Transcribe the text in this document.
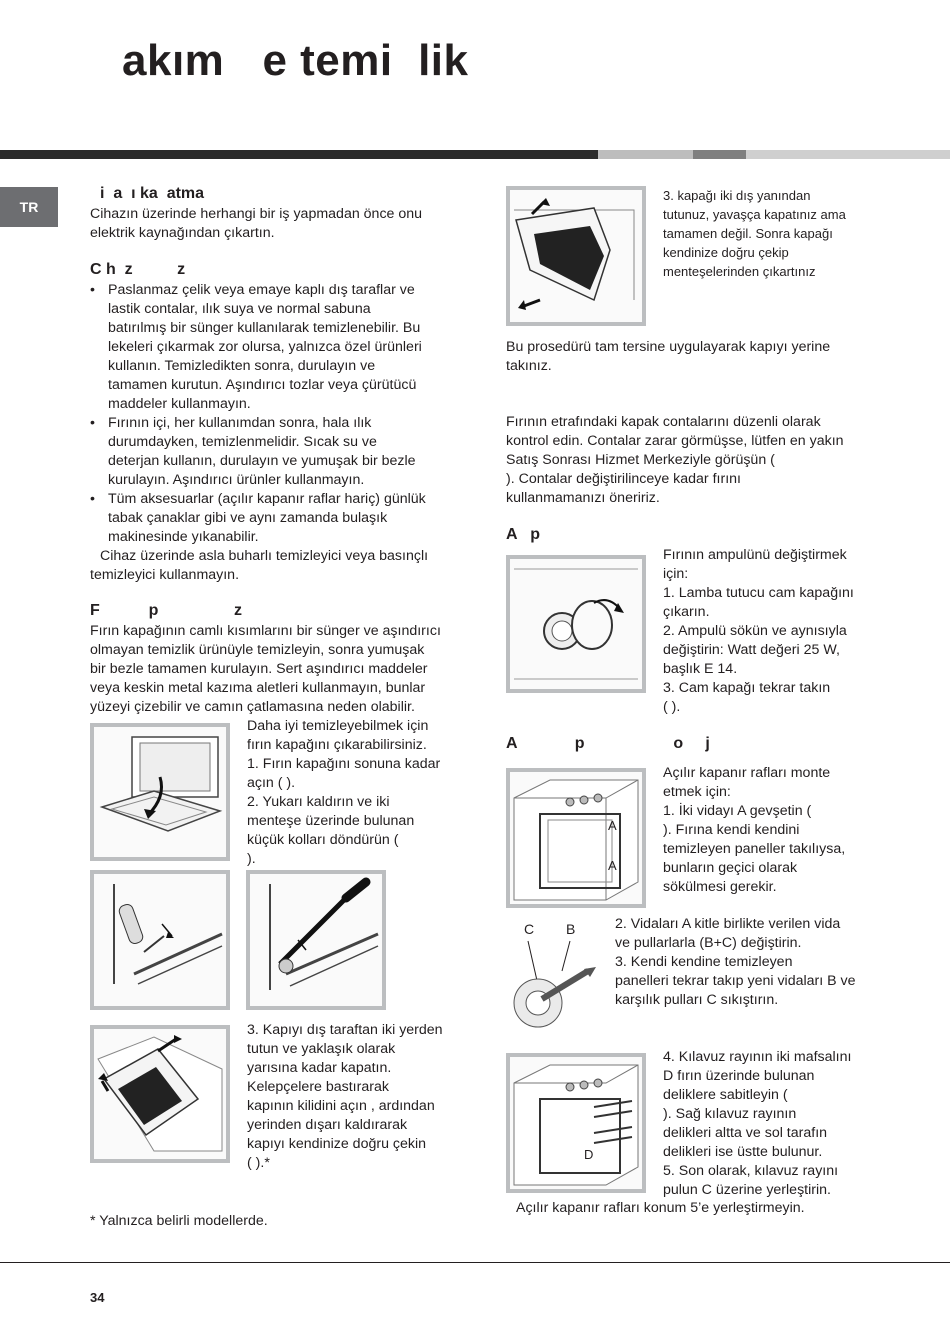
akım   e temi  lik
TR
i  a  ı ka  atma
Cihazın üzerinde herhangi bir iş yapmadan önce onu
elektrik kaynağından çıkartın.
C h  z          z
• Paslanmaz çelik veya emaye kaplı dış taraflar ve
lastik contalar, ılık suya ve normal sabuna
batırılmış bir sünger kullanılarak temizlenebilir. Bu
lekeleri çıkarmak zor olursa, yalnızca özel ürünleri
kullanın. Temizledikten sonra, durulayın ve
tamamen kurutun. Aşındırıcı tozlar veya çürütücü
maddeler kullanmayın.
• Fırının içi, her kullanımdan sonra, hala ılık
durumdayken, temizlenmelidir. Sıcak su ve
deterjan kullanın, durulayın ve yumuşak bir bezle
kurulayın. Aşındırıcı ürünler kullanmayın.
• Tüm aksesuarlar (açılır kapanır raflar hariç) günlük
tabak çanaklar gibi ve aynı zamanda bulaşık
makinesinde yıkanabilir.
Cihaz üzerinde asla buharlı temizleyici veya basınçlı
temizleyici kullanmayın.
F           p                 z
Fırın kapağının camlı kısımlarını bir sünger ve aşındırıcı
olmayan temizlik ürünüyle temizleyin, sonra yumuşak
bir bezle tamamen kurulayın. Sert aşındırıcı maddeler
veya keskin metal kazıma aletleri kullanmayın, bunlar
yüzeyi çizebilir ve camın çatlamasına neden olabilir.
Daha iyi temizleyebilmek için
fırın kapağını çıkarabilirsiniz.
1. Fırın kapağını sonuna kadar
açın ( ).
2. Yukarı kaldırın ve iki
menteşe üzerinde bulunan
küçük kolları döndürün (
).
3. Kapıyı dış taraftan iki yerden
tutun ve yaklaşık olarak
yarısına kadar kapatın.
Kelepçelere bastırarak
kapının kilidini açın , ardından
yerinden dışarı kaldırarak
kapıyı kendinize doğru çekin
( ).*
* Yalnızca belirli modellerde.
3. kapağı iki dış yanından
tutunuz, yavaşça kapatınız ama
tamamen değil. Sonra kapağı
kendinize doğru çekip
menteşelerinden çıkartınız
Bu prosedürü tam tersine uygulayarak kapıyı yerine
takınız.
Fırının etrafındaki kapak contalarını düzenli olarak
kontrol edin. Contalar zarar görmüşse, lütfen en yakın
Satış Sonrası Hizmet Merkeziyle görüşün (
). Contalar değiştirilinceye kadar fırını
kullanmamanızı öneririz.
A   p
Fırının ampulünü değiştirmek
için:
1. Lamba tutucu cam kapağını
çıkarın.
2. Ampulü sökün ve aynısıyla
değiştirin: Watt değeri 25 W,
başlık E 14.
3. Cam kapağı tekrar takın
( ).
A             p                    o     j
A
A
Açılır kapanır rafları monte
etmek için:
1. İki vidayı A gevşetin (
). Fırına kendi kendini
temizleyen paneller takılıysa,
bunların geçici olarak
sökülmesi gerekir.
C B	2. Vidaları A kitle birlikte verilen vida
ve pullarlarla (B+C) değiştirin.
3. Kendi kendine temizleyen
panelleri tekrar takıp yeni vidaları B ve
karşılık pulları C sıkıştırın.
D
4. Kılavuz rayının iki mafsalını
D fırın üzerinde bulunan
deliklere sabitleyin (
). Sağ kılavuz rayının
delikleri altta ve sol tarafın
delikleri ise üstte bulunur.
5. Son olarak, kılavuz rayını
pulun C üzerine yerleştirin.
Açılır kapanır rafları konum 5’e yerleştirmeyin.
34
